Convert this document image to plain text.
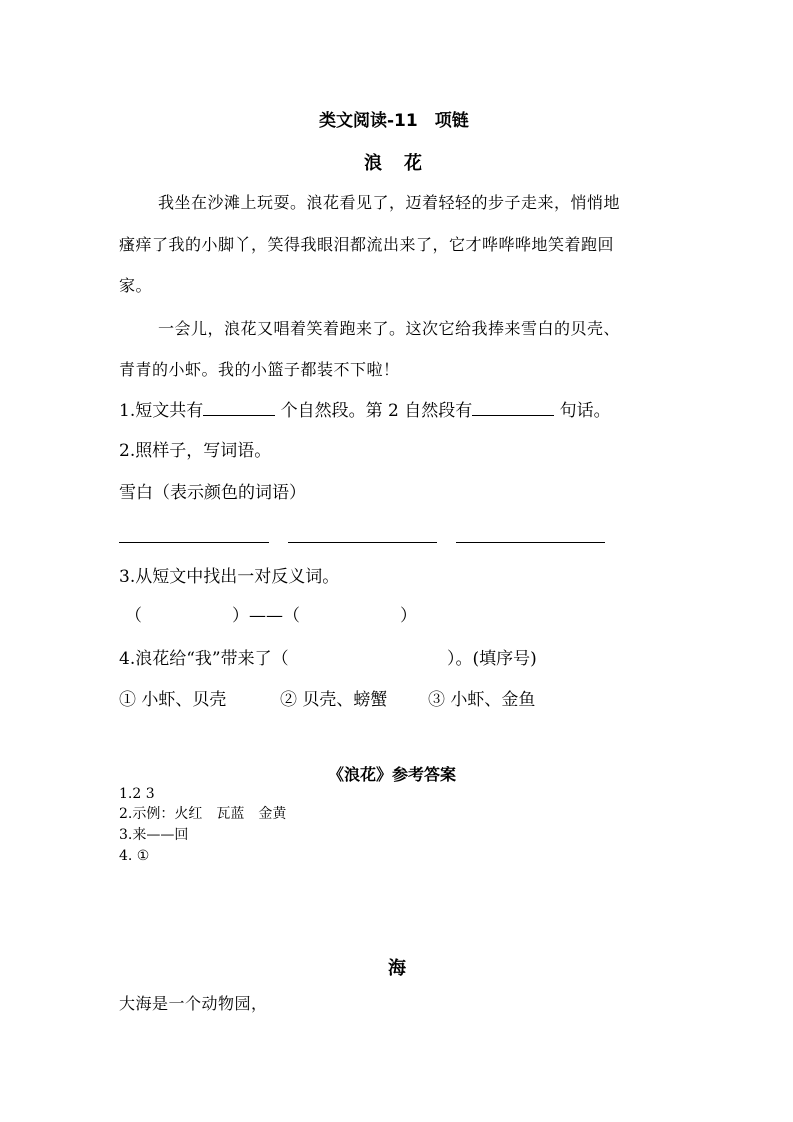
类文阅读-11　项链
浪　花
我坐在沙滩上玩耍。浪花看见了，迈着轻轻的步子走来，悄悄地
瘙痒了我的小脚丫，笑得我眼泪都流出来了，它才哗哗哗地笑着跑回
家。
一会儿，浪花又唱着笑着跑来了。这次它给我捧来雪白的贝壳、
青青的小虾。我的小篮子都装不下啦！
1.短文共有	个自然段。第 2 自然段有	句话。
2.照样子，写词语。
雪白（表示颜色的词语）
3.从短文中找出一对反义词。
（	）——（	）
4.浪花给“我”带来了（	）。(填序号)
① 小虾、贝壳	② 贝壳、螃蟹 ③ 小虾、金鱼
《浪花》参考答案
1.2 3
2.示例：火红　瓦蓝　金黄
3.来——回
4. ①
海
大海是一个动物园，
